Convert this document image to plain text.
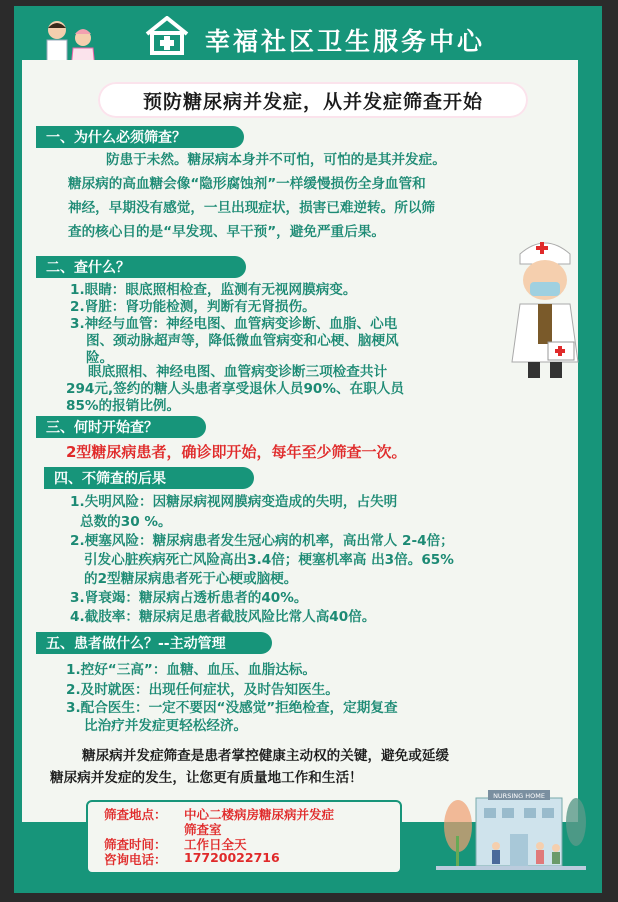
幸福社区卫生服务中心
预防糖尿病并发症，从并发症筛查开始
一、为什么必须筛查？
防患于未然。糖尿病本身并不可怕，可怕的是其并发症。
糖尿病的高血糖会像“隐形腐蚀剂”一样缓慢损伤全身血管和
神经，早期没有感觉，一旦出现症状，损害已难逆转。所以筛
查的核心目的是“早发现、早干预”，避免严重后果。
二、查什么？
1.眼睛：眼底照相检查，监测有无视网膜病变。
2.肾脏：肾功能检测，判断有无肾损伤。
3.神经与血管：神经电图、血管病变诊断、血脂、心电
图、颈动脉超声等，降低微血管病变和心梗、脑梗风
险。
眼底照相、神经电图、血管病变诊断三项检查共计
294元,签约的糖人头患者享受退休人员90%、在职人员
85%的报销比例。
三、何时开始查？
2型糖尿病患者，确诊即开始，每年至少筛查一次。
四、不筛查的后果
1.失明风险：因糖尿病视网膜病变造成的失明，占失明
总数的30 %。
2.梗塞风险：糖尿病患者发生冠心病的机率，高出常人 2-4倍；
引发心脏疾病死亡风险高出3.4倍；梗塞机率高 出3倍。65%
的2型糖尿病患者死于心梗或脑梗。
3.肾衰竭：糖尿病占透析患者的40%。
4.截肢率：糖尿病足患者截肢风险比常人高40倍。
五、患者做什么？--主动管理
1.控好“三高”：血糖、血压、血脂达标。
2.及时就医：出现任何症状，及时告知医生。
3.配合医生：一定不要因“没感觉”拒绝检查，定期复查
比治疗并发症更轻松经济。
糖尿病并发症筛查是患者掌控健康主动权的关键，避免或延缓
糖尿病并发症的发生，让您更有质量地工作和生活！
筛查地点： 中心二楼病房糖尿病并发症
筛查室
筛查时间： 工作日全天
咨询电话： 17720022716
NURSING HOME
